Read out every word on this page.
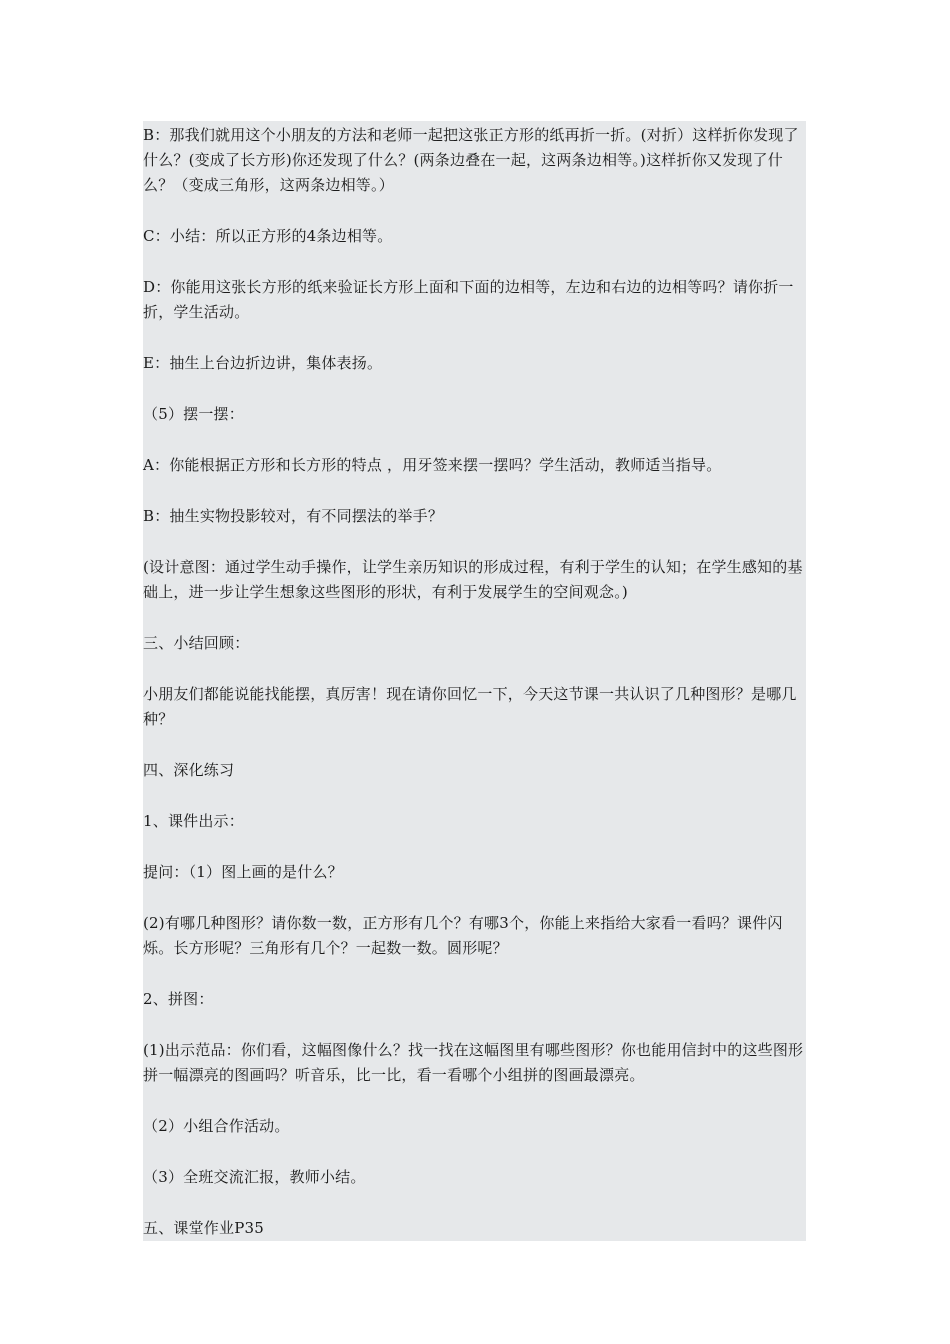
B：那我们就用这个小朋友的方法和老师一起把这张正方形的纸再折一折。(对折）这样折你发现了什么？(变成了长方形)你还发现了什么？(两条边叠在一起，这两条边相等。)这样折你又发现了什么？（变成三角形，这两条边相等。）

C：小结：所以正方形的4条边相等。

D：你能用这张长方形的纸来验证长方形上面和下面的边相等，左边和右边的边相等吗？请你折一折，学生活动。

E：抽生上台边折边讲，集体表扬。

（5）摆一摆：

A：你能根据正方形和长方形的特点 ，用牙签来摆一摆吗？学生活动，教师适当指导。

B：抽生实物投影较对，有不同摆法的举手？

(设计意图：通过学生动手操作，让学生亲历知识的形成过程，有利于学生的认知；在学生感知的基础上，进一步让学生想象这些图形的形状，有利于发展学生的空间观念。)

三、小结回顾：

小朋友们都能说能找能摆，真厉害！现在请你回忆一下，今天这节课一共认识了几种图形？是哪几种？

四、深化练习

1、课件出示：

提问：（1）图上画的是什么？

(2)有哪几种图形？请你数一数，正方形有几个？有哪3个，你能上来指给大家看一看吗？课件闪烁。长方形呢？三角形有几个？一起数一数。圆形呢？

2、拼图：

(1)出示范品：你们看，这幅图像什么？找一找在这幅图里有哪些图形？你也能用信封中的这些图形拼一幅漂亮的图画吗？听音乐，比一比，看一看哪个小组拼的图画最漂亮。

（2）小组合作活动。

（3）全班交流汇报，教师小结。

五、课堂作业P35
